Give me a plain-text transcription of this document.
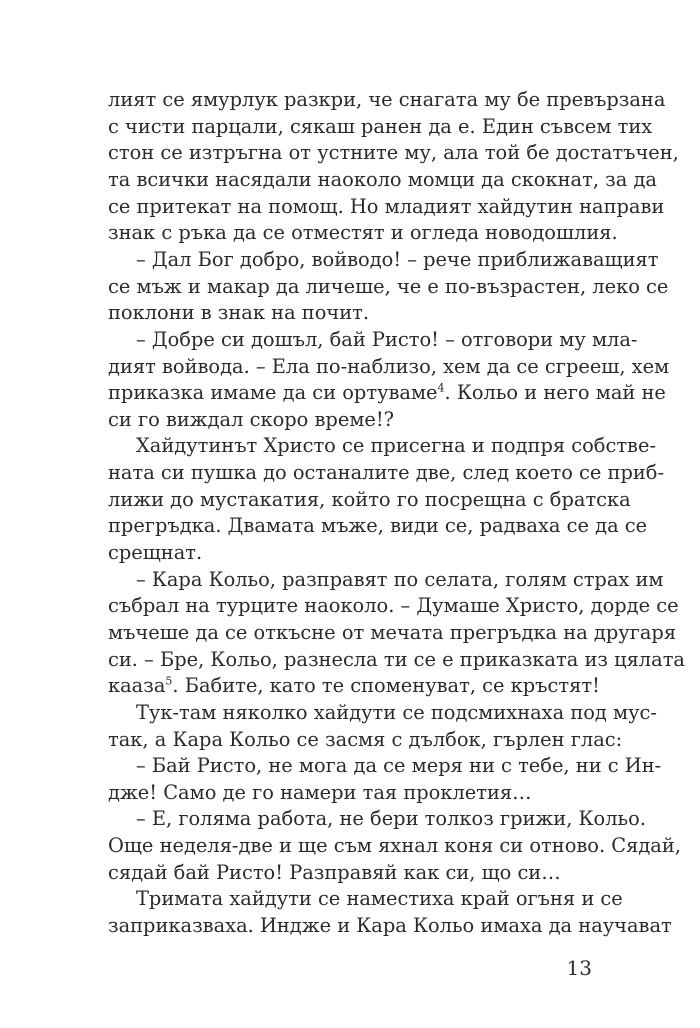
лият се ямурлук разкри, че снагата му бе превързана
с чисти парцали, сякаш ранен да е. Един съвсем тих
стон се изтръгна от устните му, ала той бе достатъчен,
та всички насядали наоколо момци да скокнат, за да
се притекат на помощ. Но младият хайдутин направи
знак с ръка да се отместят и огледа новодошлия.
– Дал Бог добро, войводо! – рече приближаващият
се мъж и макар да личеше, че е по-възрастен, леко се
поклони в знак на почит.
– Добре си дошъл, бай Ристо! – отговори му мла-
дият войвода. – Ела по-наблизо, хем да се сгрееш, хем
приказка имаме да си ортуваме$^4$. Кольо и него май не
си го виждал скоро време!?
Хайдутинът Христо се присегна и подпря собстве-
ната си пушка до останалите две, след което се приб-
лижи до мустакатия, който го посрещна с братска
прегръдка. Двамата мъже, види се, радваха се да се
срещнат.
– Кара Кольо, разправят по селата, голям страх им
събрал на турците наоколо. – Думаше Христо, дорде се
мъчеше да се откъсне от мечата прегръдка на другаря
си. – Бре, Кольо, разнесла ти се е приказката из цялата
кааза$^5$. Бабите, като те споменуват, се кръстят!
Тук-там няколко хайдути се подсмихнаха под мус-
так, а Кара Кольо се засмя с дълбок, гърлен глас:
– Бай Ристо, не мога да се меря ни с тебе, ни с Ин-
дже! Само де го намери тая проклетия…
– Е, голяма работа, не бери толкоз грижи, Кольо.
Още неделя-две и ще съм яхнал коня си отново. Сядай,
сядай бай Ристо! Разправяй как си, що си…
Тримата хайдути се наместиха край огъня и се
заприказваха. Индже и Кара Кольо имаха да научават
13
